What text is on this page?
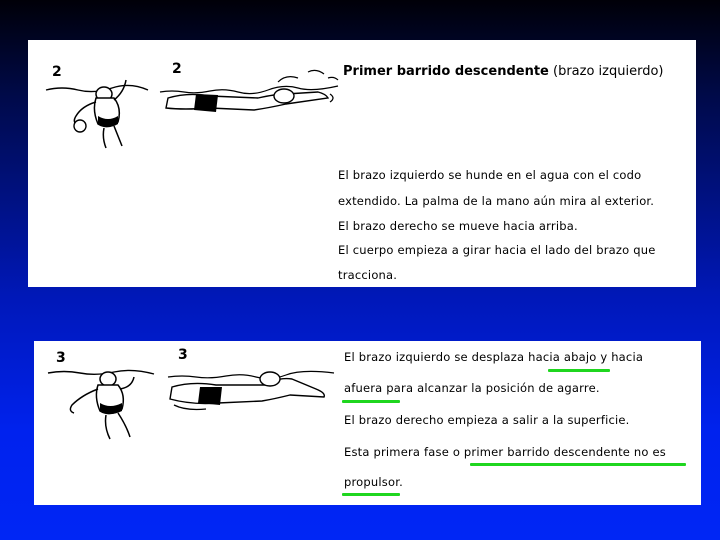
2	2	Primer barrido descendente (brazo izquierdo)
El brazo izquierdo se hunde en el agua con el codo
extendido. La palma de la mano aún mira al exterior.
El brazo derecho se mueve hacia arriba.
El cuerpo empieza a girar hacia el lado del brazo que
tracciona.
3	3	El brazo izquierdo se desplaza hacia abajo y hacia
afuera para alcanzar la posición de agarre.
El brazo derecho empieza a salir a la superficie.
Esta primera fase o primer barrido descendente no es
propulsor.
